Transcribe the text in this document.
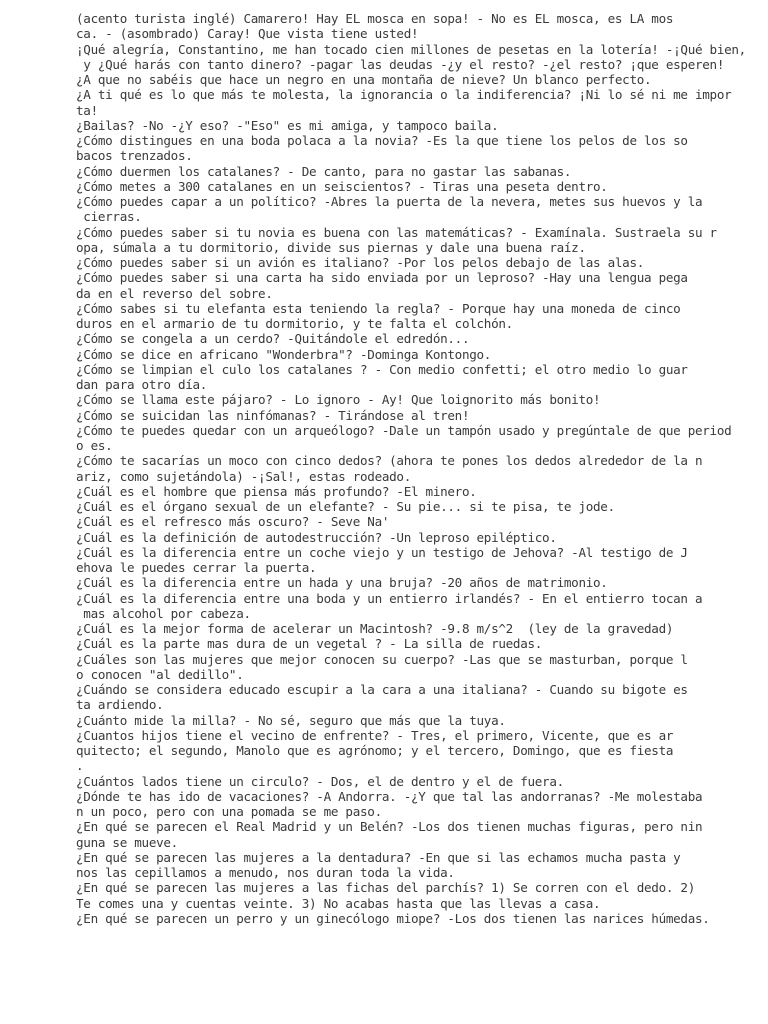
(acento turista inglé) Camarero! Hay EL mosca en sopa! - No es EL mosca, es LA mos
ca. - (asombrado) Caray! Que vista tiene usted!
¡Qué alegría, Constantino, me han tocado cien millones de pesetas en la lotería! -¡Qué bien,
y ¿Qué harás con tanto dinero? -pagar las deudas -¿y el resto? -¿el resto? ¡que esperen!
¿A que no sabéis que hace un negro en una montaña de nieve? Un blanco perfecto.
¿A ti qué es lo que más te molesta, la ignorancia o la indiferencia? ¡Ni lo sé ni me impor
ta!
¿Bailas? -No -¿Y eso? -"Eso" es mi amiga, y tampoco baila.
¿Cómo distingues en una boda polaca a la novia? -Es la que tiene los pelos de los so
bacos trenzados.
¿Cómo duermen los catalanes? - De canto, para no gastar las sabanas.
¿Cómo metes a 300 catalanes en un seiscientos? - Tiras una peseta dentro.
¿Cómo puedes capar a un político? -Abres la puerta de la nevera, metes sus huevos y la
cierras.
¿Cómo puedes saber si tu novia es buena con las matemáticas? - Examínala. Sustraela su r
opa, súmala a tu dormitorio, divide sus piernas y dale una buena raíz.
¿Cómo puedes saber si un avión es italiano? -Por los pelos debajo de las alas.
¿Cómo puedes saber si una carta ha sido enviada por un leproso? -Hay una lengua pega
da en el reverso del sobre.
¿Cómo sabes si tu elefanta esta teniendo la regla? - Porque hay una moneda de cinco
duros en el armario de tu dormitorio, y te falta el colchón.
¿Cómo se congela a un cerdo? -Quitándole el edredón...
¿Cómo se dice en africano "Wonderbra"? -Dominga Kontongo.
¿Cómo se limpian el culo los catalanes ? - Con medio confetti; el otro medio lo guar
dan para otro día.
¿Cómo se llama este pájaro? - Lo ignoro - Ay! Que loignorito más bonito!
¿Cómo se suicidan las ninfómanas? - Tirándose al tren!
¿Cómo te puedes quedar con un arqueólogo? -Dale un tampón usado y pregúntale de que period
o es.
¿Cómo te sacarías un moco con cinco dedos? (ahora te pones los dedos alrededor de la n
ariz, como sujetándola) -¡Sal!, estas rodeado.
¿Cuál es el hombre que piensa más profundo? -El minero.
¿Cuál es el órgano sexual de un elefante? - Su pie... si te pisa, te jode.
¿Cuál es el refresco más oscuro? - Seve Na'
¿Cuál es la definición de autodestrucción? -Un leproso epiléptico.
¿Cuál es la diferencia entre un coche viejo y un testigo de Jehova? -Al testigo de J
ehova le puedes cerrar la puerta.
¿Cuál es la diferencia entre un hada y una bruja? -20 años de matrimonio.
¿Cuál es la diferencia entre una boda y un entierro irlandés? - En el entierro tocan a
mas alcohol por cabeza.
¿Cuál es la mejor forma de acelerar un Macintosh? -9.8 m/s^2  (ley de la gravedad)
¿Cuál es la parte mas dura de un vegetal ? - La silla de ruedas.
¿Cuáles son las mujeres que mejor conocen su cuerpo? -Las que se masturban, porque l
o conocen "al dedillo".
¿Cuándo se considera educado escupir a la cara a una italiana? - Cuando su bigote es
ta ardiendo.
¿Cuánto mide la milla? - No sé, seguro que más que la tuya.
¿Cuantos hijos tiene el vecino de enfrente? - Tres, el primero, Vicente, que es ar
quitecto; el segundo, Manolo que es agrónomo; y el tercero, Domingo, que es fiesta
.
¿Cuántos lados tiene un circulo? - Dos, el de dentro y el de fuera.
¿Dónde te has ido de vacaciones? -A Andorra. -¿Y que tal las andorranas? -Me molestaba
n un poco, pero con una pomada se me paso.
¿En qué se parecen el Real Madrid y un Belén? -Los dos tienen muchas figuras, pero nin
guna se mueve.
¿En qué se parecen las mujeres a la dentadura? -En que si las echamos mucha pasta y
nos las cepillamos a menudo, nos duran toda la vida.
¿En qué se parecen las mujeres a las fichas del parchís? 1) Se corren con el dedo. 2)
Te comes una y cuentas veinte. 3) No acabas hasta que las llevas a casa.
¿En qué se parecen un perro y un ginecólogo miope? -Los dos tienen las narices húmedas.
